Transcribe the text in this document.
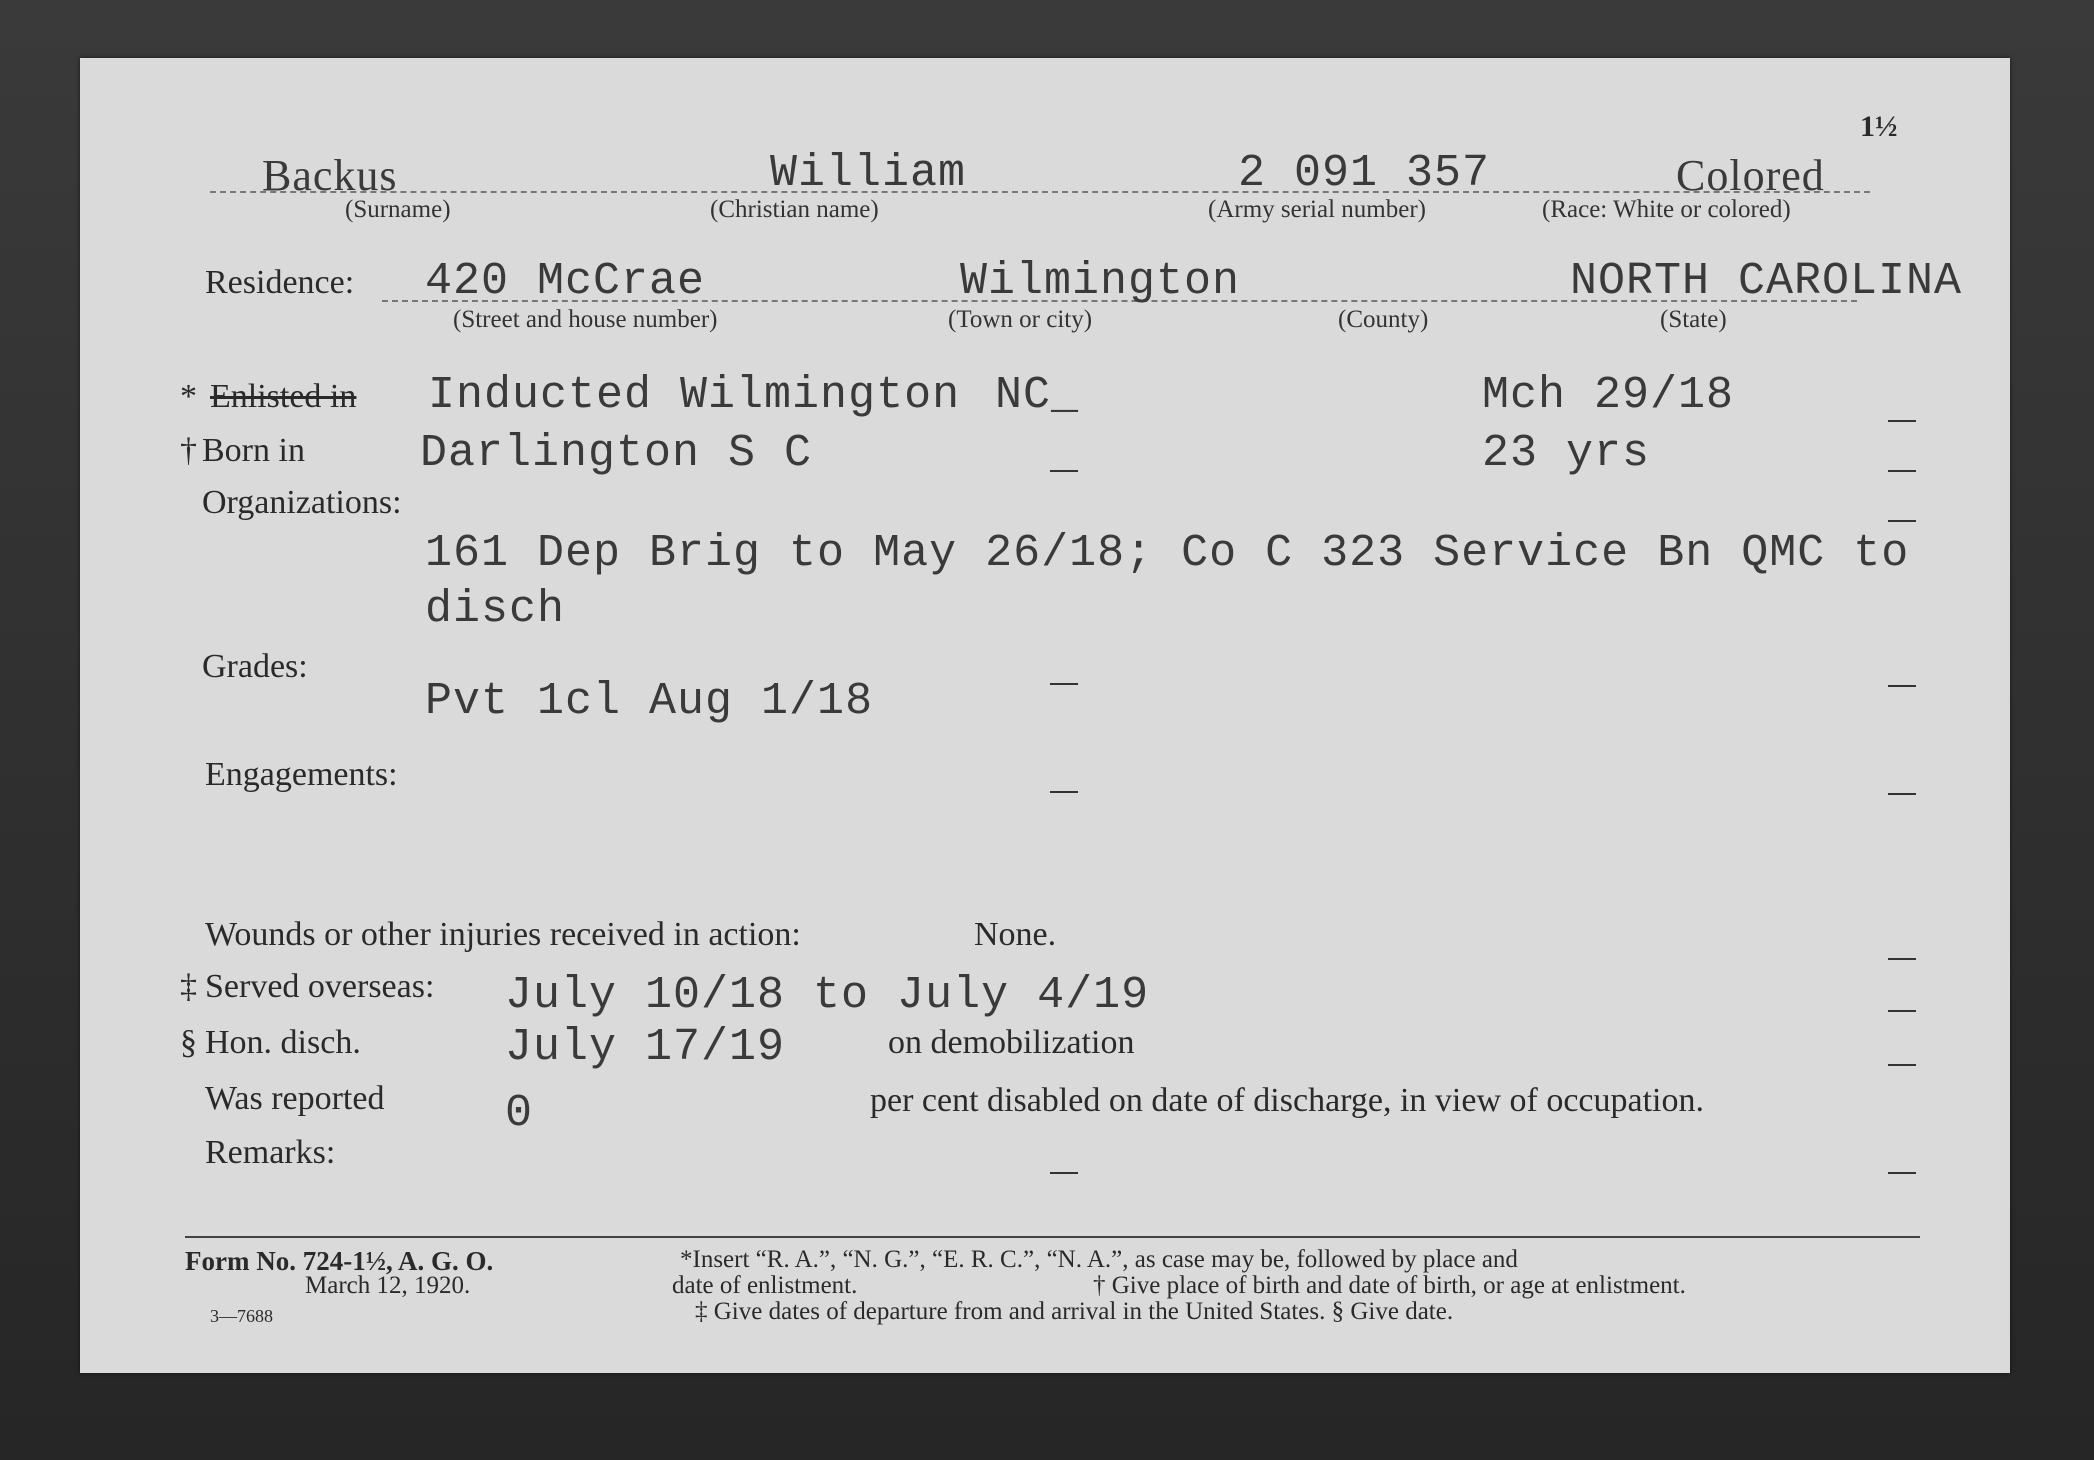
1½
Backus	William	2 091 357	Colored
(Surname)	(Christian name)	(Army serial number)	(Race: White or colored)
Residence: 420 McCrae	Wilmington	NORTH CAROLINA
(Street and house number)	(Town or city)	(County)	(State)
* Enlisted in Inducted Wilmington NC_	Mch 29/18
† Born in	Darlington S C	23 yrs
Organizations:
161 Dep Brig to May 26/18; Co C 323 Service Bn QMC to
disch
Grades:
Pvt 1cl Aug 1/18
Engagements:
Wounds or other injuries received in action:	None.
‡ Served overseas: July 10/18 to July 4/19
§ Hon. disch.	July 17/19	on demobilization
Was reported	0	per cent disabled on date of discharge, in view of occupation.
Remarks:
Form No. 724-1½, A. G. O.
March 12, 1920.
3—7688
*Insert “R. A.”, “N. G.”, “E. R. C.”, “N. A.”, as case may be, followed by place and
date of enlistment.	† Give place of birth and date of birth, or age at enlistment.
‡ Give dates of departure from and arrival in the United States. § Give date.
